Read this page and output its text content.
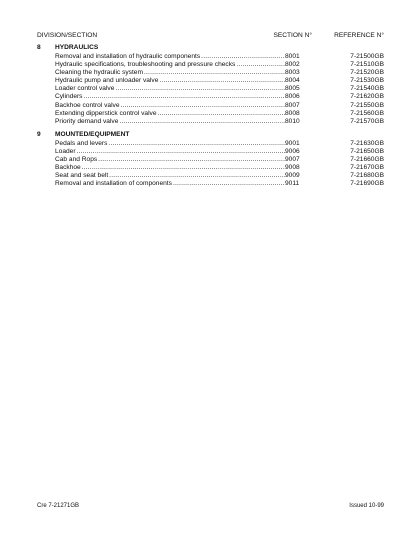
DIVISION/SECTION	SECTION N°	REFERENCE N°
8 HYDRAULICS
Removal and installation of hydraulic components .....	8001	7-21500GB
Hydraulic specifications, troubleshooting and pressure checks .....	8002	7-21510GB
Cleaning the hydraulic system .....	8003	7-21520GB
Hydraulic pump and unloader valve .....	8004	7-21530GB
Loader control valve .....	8005	7-21540GB
Cylinders .....	8006	7-21620GB
Backhoe control valve .....	8007	7-21550GB
Extending dipperstick control valve .....	8008	7-21560GB
Priority demand valve .....	8010	7-21570GB
9 MOUNTED/EQUIPMENT
Pedals and levers .....	9001	7-21630GB
Loader .....	9006	7-21650GB
Cab and Rops .....	9007	7-21660GB
Backhoe .....	9008	7-21670GB
Seat and seat belt .....	9009	7-21680GB
Removal and installation of components .....	9011	7-21690GB
Cre 7-21271GB	Issued 10-99
